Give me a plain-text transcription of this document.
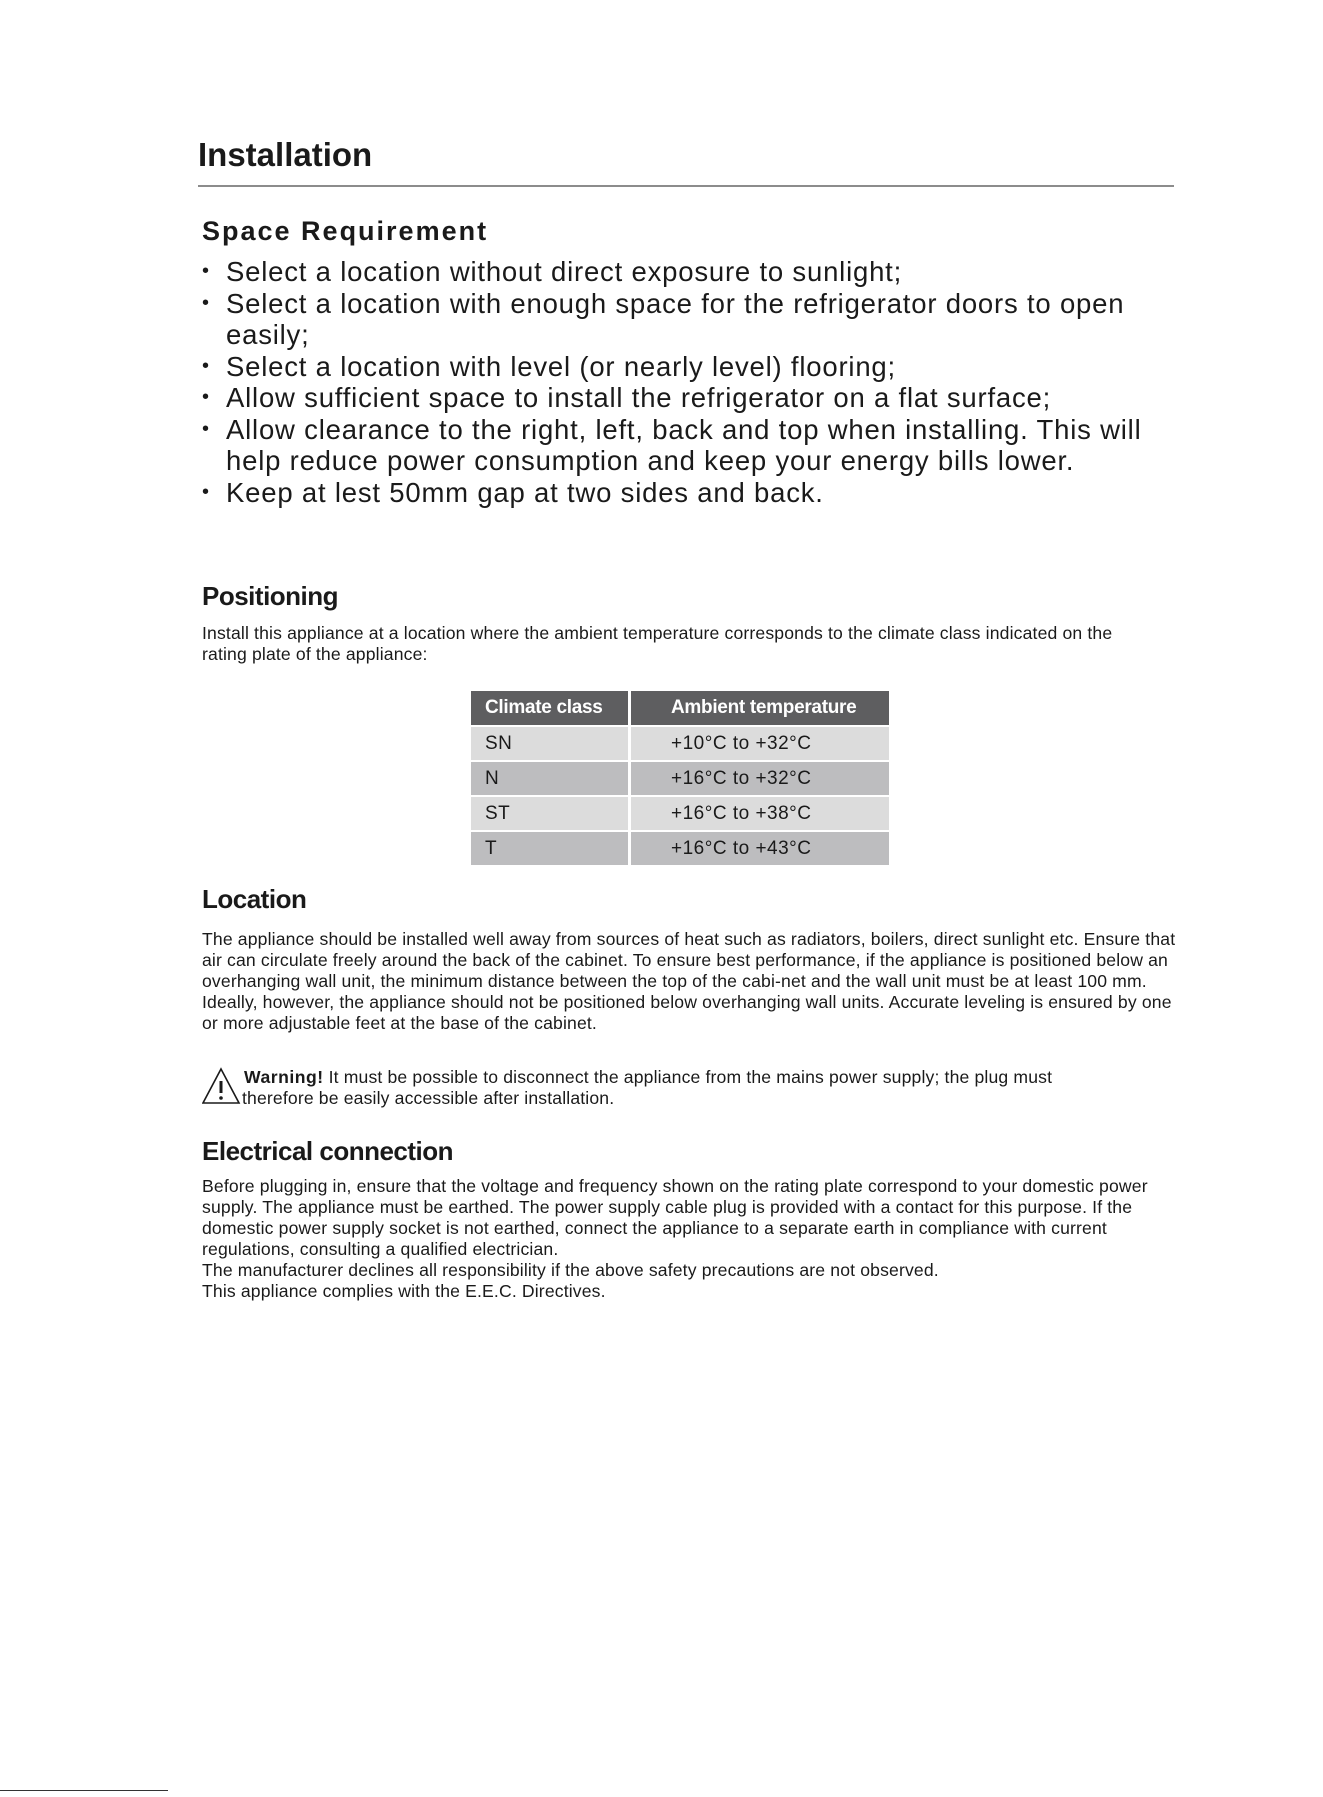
Installation
Space Requirement
• Select a location without direct exposure to sunlight;
• Select a location with enough space for the refrigerator doors to open easily;
• Select a location with level (or nearly level) flooring;
• Allow sufficient space to install the refrigerator on a flat surface;
• Allow clearance to the right, left, back and top when installing. This will help reduce power consumption and keep your energy bills lower.
• Keep at lest 50mm gap at two sides and back.
Positioning
Install this appliance at a location where the ambient temperature corresponds to the climate class indicated on the rating plate of the appliance:
Climate class	Ambient temperature
SN	+10°C to +32°C
N	+16°C to +32°C
ST	+16°C to +38°C
T	+16°C to +43°C
Location
The appliance should be installed well away from sources of heat such as radiators, boilers, direct sunlight etc. Ensure that air can circulate freely around the back of the cabinet. To ensure best performance, if the appliance is positioned below an overhanging wall unit, the minimum distance between the top of the cabi-net and the wall unit must be at least 100 mm. Ideally, however, the appliance should not be positioned below overhanging wall units. Accurate leveling is ensured by one or more adjustable feet at the base of the cabinet.
Warning! It must be possible to disconnect the appliance from the mains power supply; the plug must
therefore be easily accessible after installation.
Electrical connection

Before plugging in, ensure that the voltage and frequency shown on the rating plate correspond to your domestic power supply. The appliance must be earthed. The power supply cable plug is provided with a contact for this purpose. If the domestic power supply socket is not earthed, connect the appliance to a separate earth in compliance with current regulations, consulting a qualified electrician.

The manufacturer declines all responsibility if the above safety precautions are not observed.

This appliance complies with the E.E.C. Directives.
